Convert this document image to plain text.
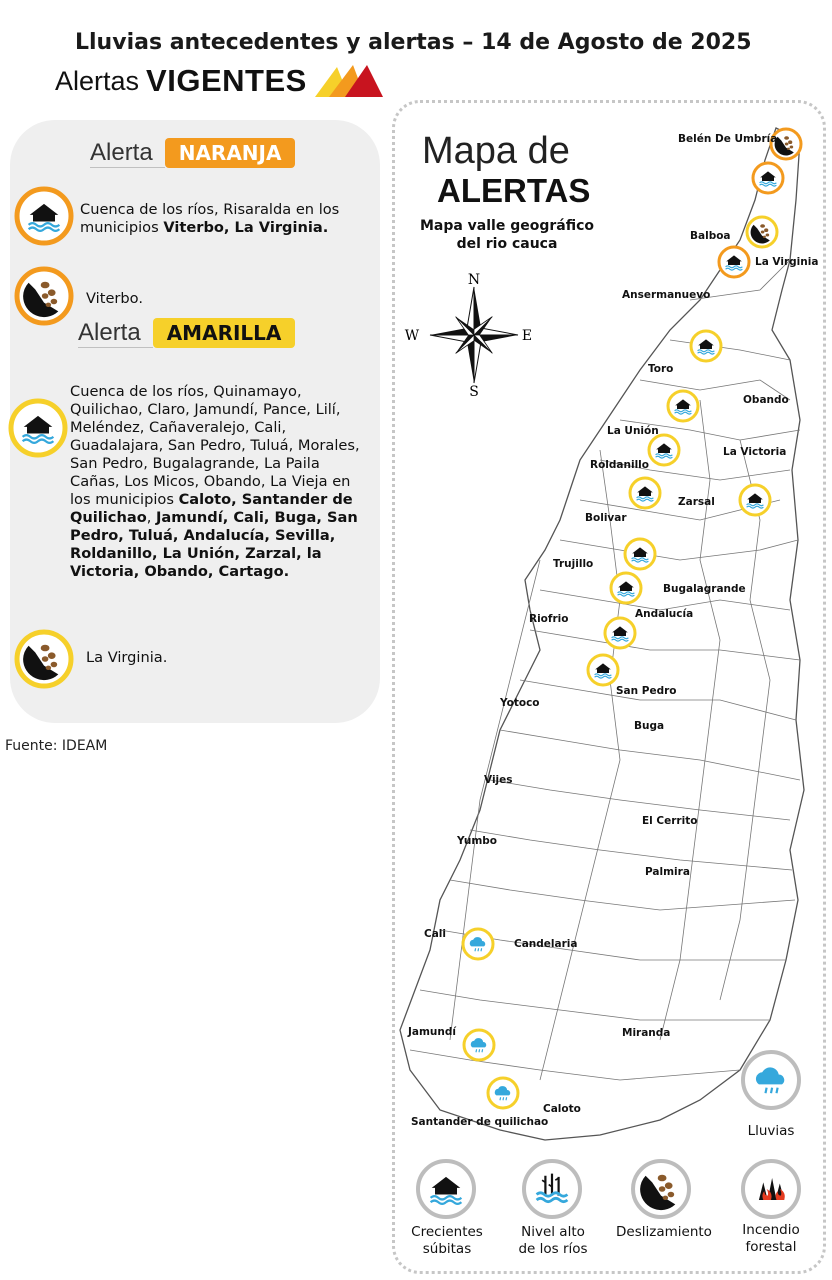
Lluvias antecedentes y alertas – 14 de Agosto de 2025
Alertas VIGENTES
Alerta	NARANJA
Cuenca de los ríos, Risaralda en los municipios Viterbo, La Virginia.
Viterbo.
Alerta	AMARILLA
Cuenca de los ríos, Quinamayo, Quilichao, Claro, Jamundí, Pance, Lilí, Meléndez, Cañaveralejo, Cali, Guadalajara, San Pedro, Tuluá, Morales, San Pedro, Bugalagrande, La Paila Cañas, Los Micos, Obando, La Vieja en los municipios Caloto, Santander de Quilichao, Jamundí, Cali, Buga, San Pedro, Tuluá, Andalucía, Sevilla, Roldanillo, La Unión, Zarzal, la Victoria, Obando, Cartago.
La Virginia.
Fuente: IDEAM
Mapa de
ALERTAS
Mapa valle geográfico
del rio cauca
N
S
W	E
Belén De Umbría
Balboa
La Virginia
Ansermanuevo
Toro
Obando
La Unión
La Victoria
Roldanillo
Zarsal
Bolivar
Trujillo
Bugalagrande
Riofrio	Andalucía
San Pedro
Yotoco
Buga
Vijes
El Cerrito
Yumbo
Palmira
Cali
Candelaria
Jamundí	Miranda
Santander de quilichao
Caloto
Lluvias
Crecientes
súbitas
Nivel alto
de los ríos
Deslizamiento	Incendio
forestal
